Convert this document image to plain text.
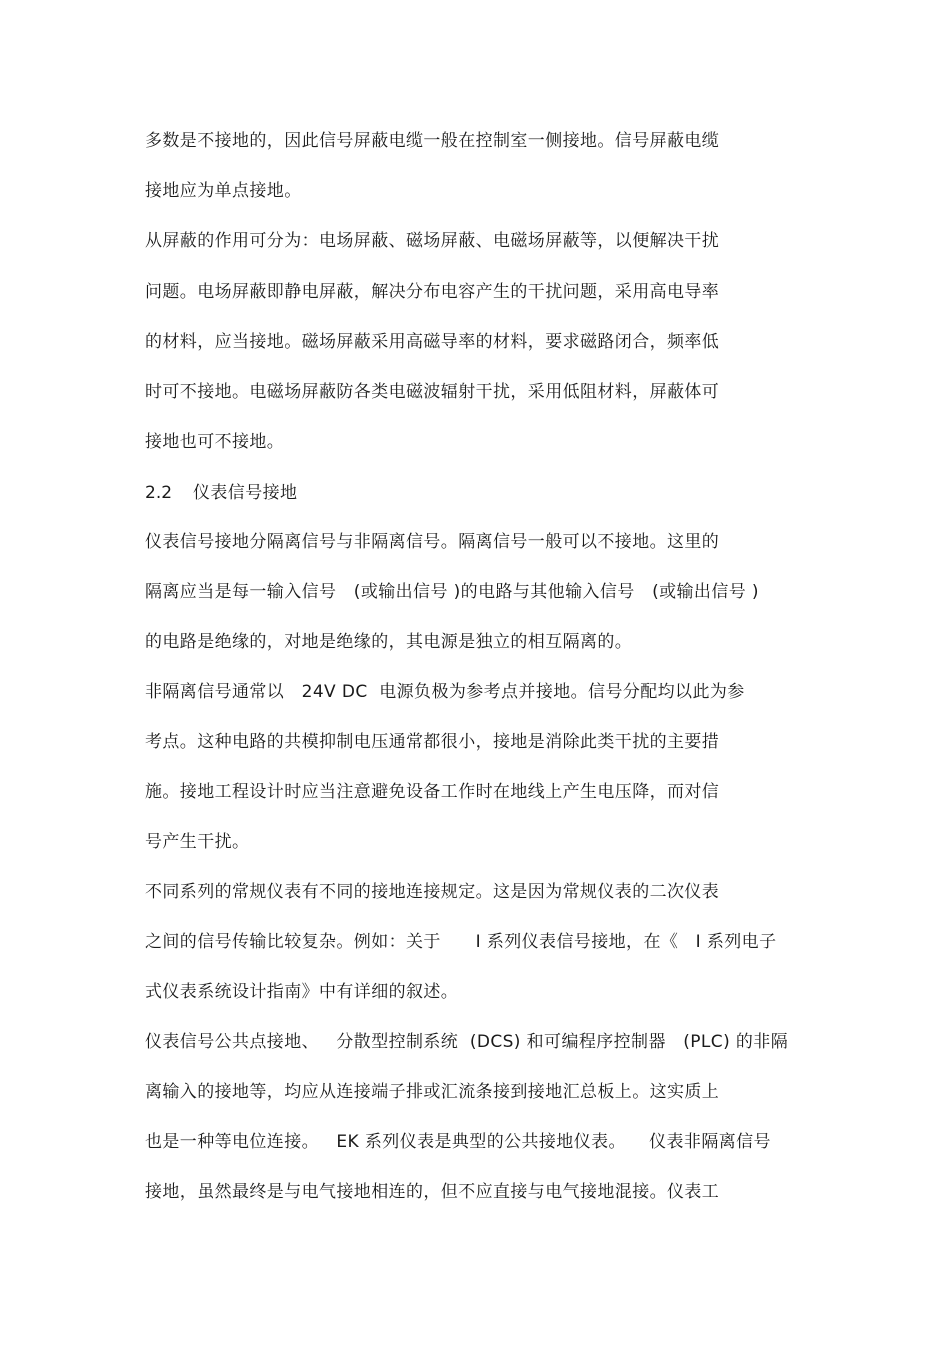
多数是不接地的，因此信号屏蔽电缆一般在控制室一侧接地。信号屏蔽电缆

接地应为单点接地。

从屏蔽的作用可分为：电场屏蔽、磁场屏蔽、电磁场屏蔽等，以便解决干扰

问题。电场屏蔽即静电屏蔽，解决分布电容产生的干扰问题，采用高电导率

的材料，应当接地。磁场屏蔽采用高磁导率的材料，要求磁路闭合，频率低

时可不接地。电磁场屏蔽防各类电磁波辐射干扰，采用低阻材料，屏蔽体可

接地也可不接地。

2.2 仪表信号接地

仪表信号接地分隔离信号与非隔离信号。隔离信号一般可以不接地。这里的

隔离应当是每一输入信号   (或输出信号 )的电路与其他输入信号   (或输出信号 )

的电路是绝缘的，对地是绝缘的，其电源是独立的相互隔离的。

非隔离信号通常以   24V DC  电源负极为参考点并接地。信号分配均以此为参

考点。这种电路的共模抑制电压通常都很小，接地是消除此类干扰的主要措

施。接地工程设计时应当注意避免设备工作时在地线上产生电压降，而对信

号产生干扰。

不同系列的常规仪表有不同的接地连接规定。这是因为常规仪表的二次仪表

之间的信号传输比较复杂。例如：关于      I 系列仪表信号接地，在《   I 系列电子

式仪表系统设计指南》中有详细的叙述。

仪表信号公共点接地、   分散型控制系统  (DCS) 和可编程序控制器   (PLC) 的非隔

离输入的接地等，均应从连接端子排或汇流条接到接地汇总板上。这实质上

也是一种等电位连接。   EK 系列仪表是典型的公共接地仪表。    仪表非隔离信号

接地，虽然最终是与电气接地相连的，但不应直接与电气接地混接。仪表工
